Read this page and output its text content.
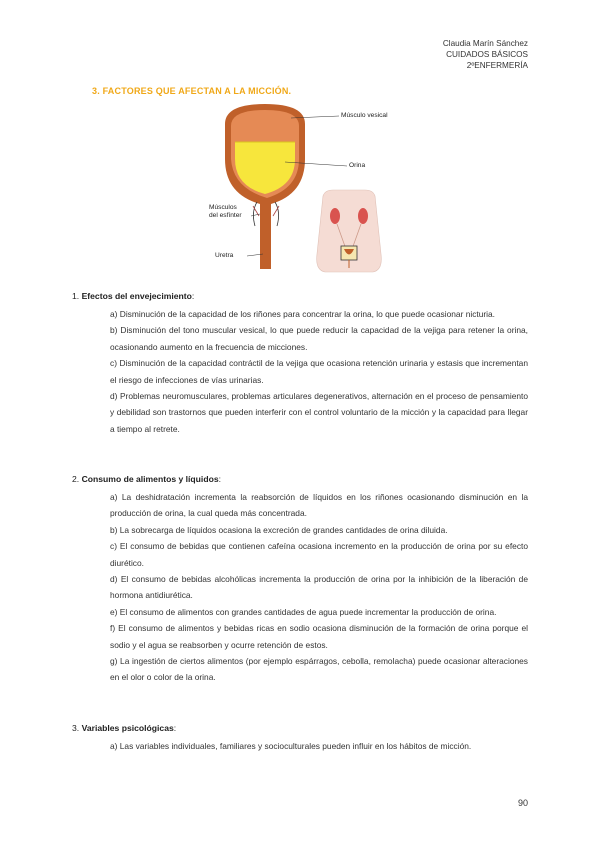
Claudia Marín Sánchez
CUIDADOS BÁSICOS
2ºENFERMERÍA
3. FACTORES QUE AFECTAN A LA MICCIÓN.
Músculo vesical
Orina
Músculos
del esfínter
Uretra
1. Efectos del envejecimiento:
a) Disminución de la capacidad de los riñones para concentrar la orina, lo que puede ocasionar nicturia.
b) Disminución del tono muscular vesical, lo que puede reducir la capacidad de la vejiga para retener la orina, ocasionando aumento en la frecuencia de micciones.
c) Disminución de la capacidad contráctil de la vejiga que ocasiona retención urinaria y estasis que incrementan el riesgo de infecciones de vías urinarias.
d) Problemas neuromusculares, problemas articulares degenerativos, alternación en el proceso de pensamiento y debilidad son trastornos que pueden interferir con el control voluntario de la micción y la capacidad para llegar a tiempo al retrete.
2. Consumo de alimentos y líquidos:
a) La deshidratación incrementa la reabsorción de líquidos en los riñones ocasionando disminución en la producción de orina, la cual queda más concentrada.
b) La sobrecarga de líquidos ocasiona la excreción de grandes cantidades de orina diluida.
c) El consumo de bebidas que contienen cafeína ocasiona incremento en la producción de orina por su efecto diurético.
d) El consumo de bebidas alcohólicas incrementa la producción de orina por la inhibición de la liberación de hormona antidiurética.
e) El consumo de alimentos con grandes cantidades de agua puede incrementar la producción de orina.
f) El consumo de alimentos y bebidas ricas en sodio ocasiona disminución de la formación de orina porque el sodio y el agua se reabsorben y ocurre retención de estos.
g) La ingestión de ciertos alimentos (por ejemplo espárragos, cebolla, remolacha) puede ocasionar alteraciones en el olor o color de la orina.
3. Variables psicológicas:
a) Las variables individuales, familiares y socioculturales pueden influir en los hábitos de micción.
90
